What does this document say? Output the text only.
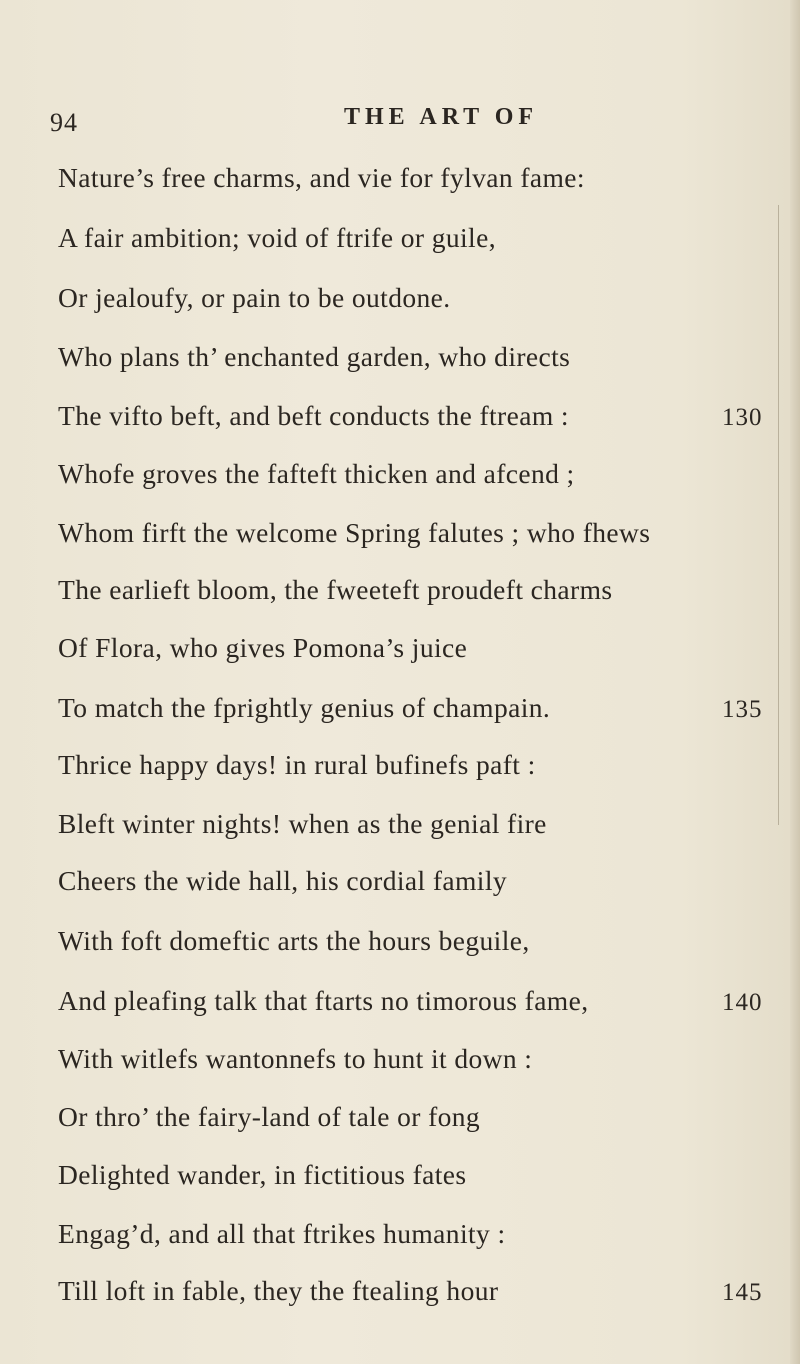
94	THE ART OF
Nature’s free charms, and vie for fylvan fame:
A fair ambition; void of ftrife or guile,
Or jealoufy, or pain to be outdone.
Who plans th’ enchanted garden, who directs
The vifto beft, and beft conducts the ftream :
Whofe groves the fafteft thicken and afcend ;
Whom firft the welcome Spring falutes ; who fhews
The earlieft bloom, the fweeteft proudeft charms
Of Flora, who gives Pomona’s juice
To match the fprightly genius of champain.
Thrice happy days! in rural bufinefs paft :
Bleft winter nights! when as the genial fire
Cheers the wide hall, his cordial family
With foft domeftic arts the hours beguile,
And pleafing talk that ftarts no timorous fame,
With witlefs wantonnefs to hunt it down :
Or thro’ the fairy-land of tale or fong
Delighted wander, in fictitious fates
Engag’d, and all that ftrikes humanity :
Till loft in fable, they the ftealing hour
130
135
140
145
